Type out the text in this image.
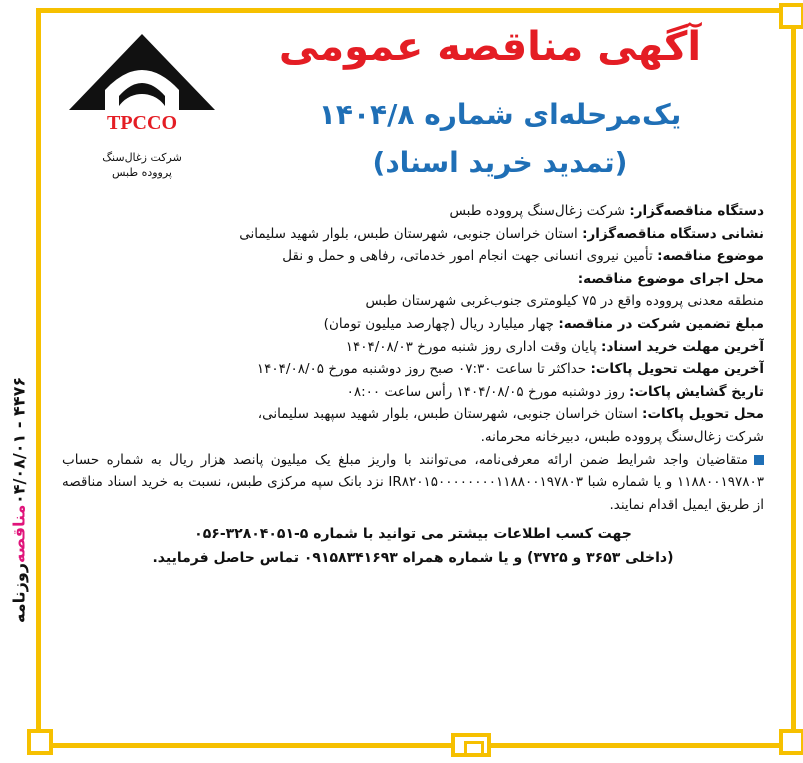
روزنامه
مناقصه
۰۴/۰۸/۰۱ - ۴۴۷۶
TPCCO
شرکت زغال‌سنگ
پرووده طبس
آگهی مناقصه عمومی
یک‌مرحله‌ای شماره ۱۴۰۴/۸
(تمدید خرید اسناد)
دستگاه مناقصه‌گزار: شرکت زغال‌سنگ پرووده طبس
نشانی دستگاه مناقصه‌گزار: استان خراسان جنوبی، شهرستان طبس، بلوار شهید سلیمانی
موضوع مناقصه: تأمین نیروی انسانی جهت انجام امور خدماتی، رفاهی و حمل و نقل
محل اجرای موضوع مناقصه:
منطقه معدنی پرووده واقع در ۷۵ کیلومتری جنوب‌غربی شهرستان طبس
مبلغ تضمین شرکت در مناقصه: چهار میلیارد ریال (چهارصد میلیون تومان)
آخرین مهلت خرید اسناد: پایان وقت اداری روز شنبه مورخ ۱۴۰۴/۰۸/۰۳
آخرین مهلت تحویل پاکات: حداکثر تا ساعت ۰۷:۳۰ صبح روز دوشنبه مورخ ۱۴۰۴/۰۸/۰۵
تاریخ گشایش پاکات: روز دوشنبه مورخ ۱۴۰۴/۰۸/۰۵ رأس ساعت ۰۸:۰۰
محل تحویل پاکات: استان خراسان جنوبی، شهرستان طبس، بلوار شهید سپهبد سلیمانی،
شرکت زغال‌سنگ پرووده طبس، دبیرخانه محرمانه.
متقاضیان واجد شرایط ضمن ارائه معرفی‌نامه، می‌توانند با واریز مبلغ یک میلیون پانصد هزار ریال به شماره حساب ۱۱۸۸۰۰۱۹۷۸۰۳ و یا شماره شبا IR۸۲۰۱۵۰۰۰۰۰۰۰۰۱۱۸۸۰۰۱۹۷۸۰۳ نزد بانک سپه مرکزی طبس، نسبت به خرید اسناد مناقصه از طریق ایمیل اقدام نمایند.
جهت کسب اطلاعات بیشتر می توانید با شماره ۵-۳۲۸۰۴۰۵۱-۰۵۶
(داخلی ۳۶۵۳ و ۳۷۲۵) و یا شماره همراه ۰۹۱۵۸۳۴۱۶۹۳ تماس حاصل فرمایید.
